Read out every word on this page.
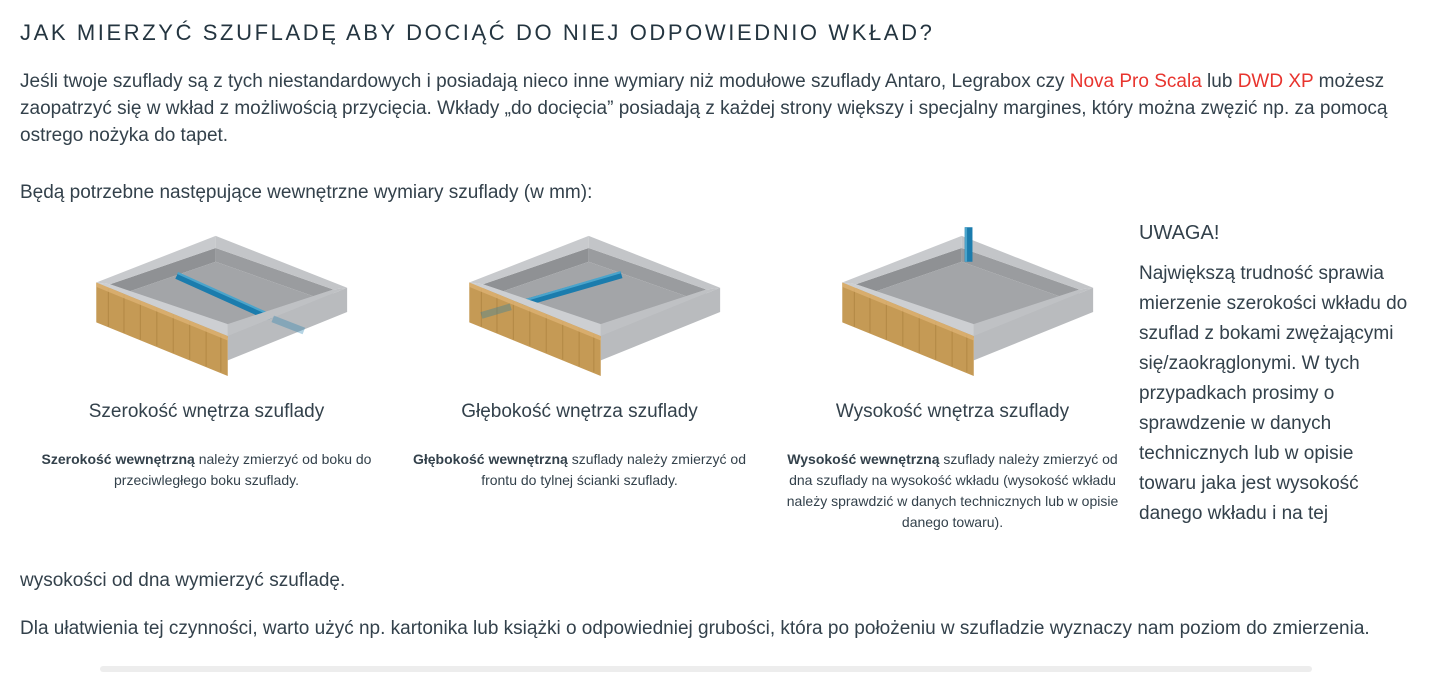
JAK MIERZYĆ SZUFLADĘ ABY DOCIĄĆ DO NIEJ ODPOWIEDNIO WKŁAD?

Jeśli twoje szuflady są z tych niestandardowych i posiadają nieco inne wymiary niż modułowe szuflady Antaro, Legrabox czy Nova Pro Scala lub DWD XP możesz zaopatrzyć się w wkład z możliwością przycięcia. Wkłady „do docięcia” posiadają z każdej strony większy i specjalny margines, który można zwęzić np. za pomocą ostrego nożyka do tapet.

Będą potrzebne następujące wewnętrzne wymiary szuflady (w mm):

Szerokość wnętrza szuflady
Szerokość wewnętrzną należy zmierzyć od boku do przeciwległego boku szuflady.
Głębokość wnętrza szuflady
Głębokość wewnętrzną szuflady należy zmierzyć od frontu do tylnej ścianki szuflady.
Wysokość wnętrza szuflady
Wysokość wewnętrzną szuflady należy zmierzyć od dna szuflady na wysokość wkładu (wysokość wkładu należy sprawdzić w danych technicznych lub w opisie danego towaru).
UWAGA!
Największą trudność sprawia mierzenie szerokości wkładu do szuflad z bokami zwężającymi się/zaokrąglonymi. W tych przypadkach prosimy o sprawdzenie w danych technicznych lub w opisie towaru jaka jest wysokość danego wkładu i na tej

wysokości od dna wymierzyć szufladę.

Dla ułatwienia tej czynności, warto użyć np. kartonika lub książki o odpowiedniej grubości, która po położeniu w szufladzie wyznaczy nam poziom do zmierzenia.
